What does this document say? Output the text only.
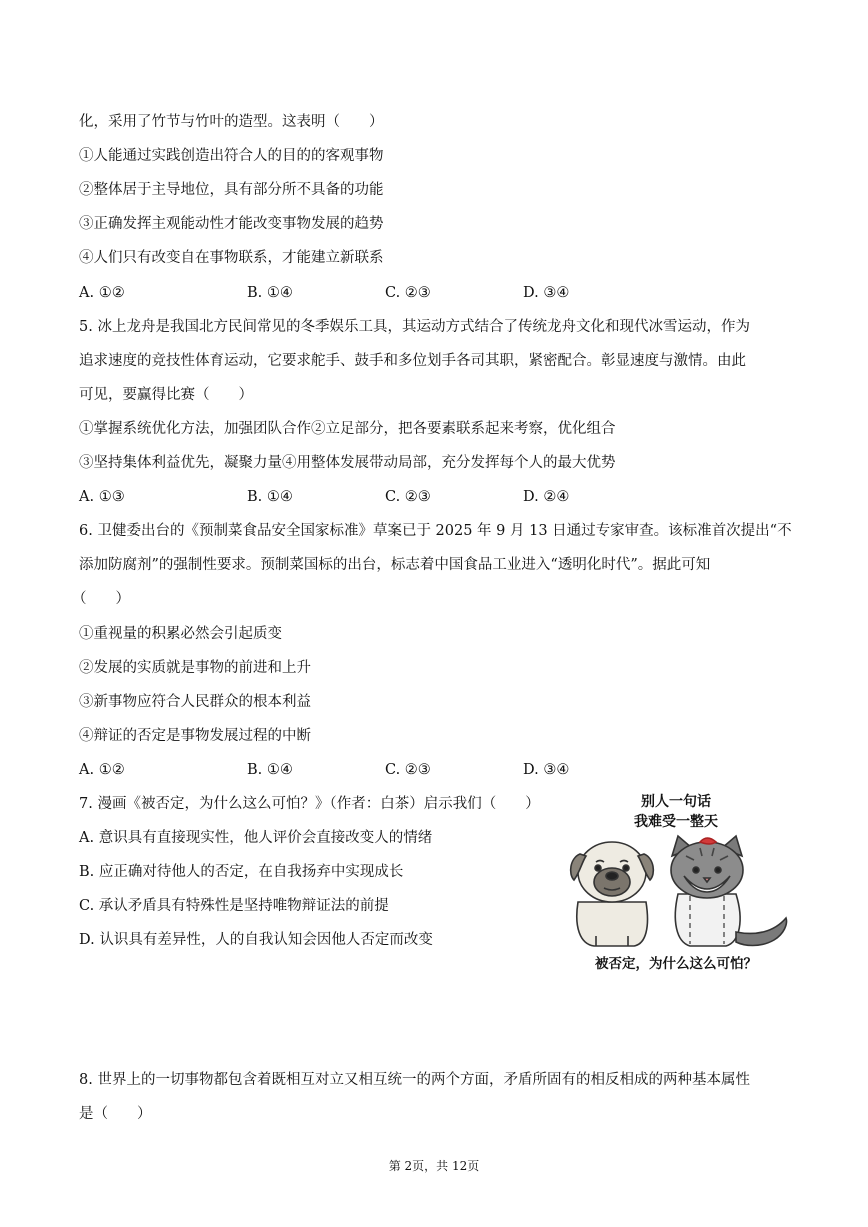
化，采用了竹节与竹叶的造型。这表明（　　）
①人能通过实践创造出符合人的目的的客观事物
②整体居于主导地位，具有部分所不具备的功能
③正确发挥主观能动性才能改变事物发展的趋势
④人们只有改变自在事物联系，才能建立新联系
A. ①②	B. ①④	C. ②③	D. ③④
5. 冰上龙舟是我国北方民间常见的冬季娱乐工具，其运动方式结合了传统龙舟文化和现代冰雪运动，作为
追求速度的竞技性体育运动，它要求舵手、鼓手和多位划手各司其职，紧密配合。彰显速度与激情。由此
可见，要赢得比赛（　　）
①掌握系统优化方法，加强团队合作②立足部分，把各要素联系起来考察，优化组合
③坚持集体利益优先，凝聚力量④用整体发展带动局部，充分发挥每个人的最大优势
A. ①③	B. ①④	C. ②③	D. ②④
6. 卫健委出台的《预制菜食品安全国家标准》草案已于 2025 年 9 月 13 日通过专家审查。该标准首次提出“不
添加防腐剂”的强制性要求。预制菜国标的出台，标志着中国食品工业进入“透明化时代”。据此可知
（　　）
①重视量的积累必然会引起质变
②发展的实质就是事物的前进和上升
③新事物应符合人民群众的根本利益
④辩证的否定是事物发展过程的中断
A. ①②	B. ①④	C. ②③	D. ③④
7. 漫画《被否定，为什么这么可怕？》（作者：白茶）启示我们（　　）
A. 意识具有直接现实性，他人评价会直接改变人的情绪
B. 应正确对待他人的否定，在自我扬弃中实现成长
C. 承认矛盾具有特殊性是坚持唯物辩证法的前提
D. 认识具有差异性，人的自我认知会因他人否定而改变
别人一句话
我难受一整天
被否定，为什么这么可怕？
8. 世界上的一切事物都包含着既相互对立又相互统一的两个方面，矛盾所固有的相反相成的两种基本属性
是（　　）
第 2页，共 12页
